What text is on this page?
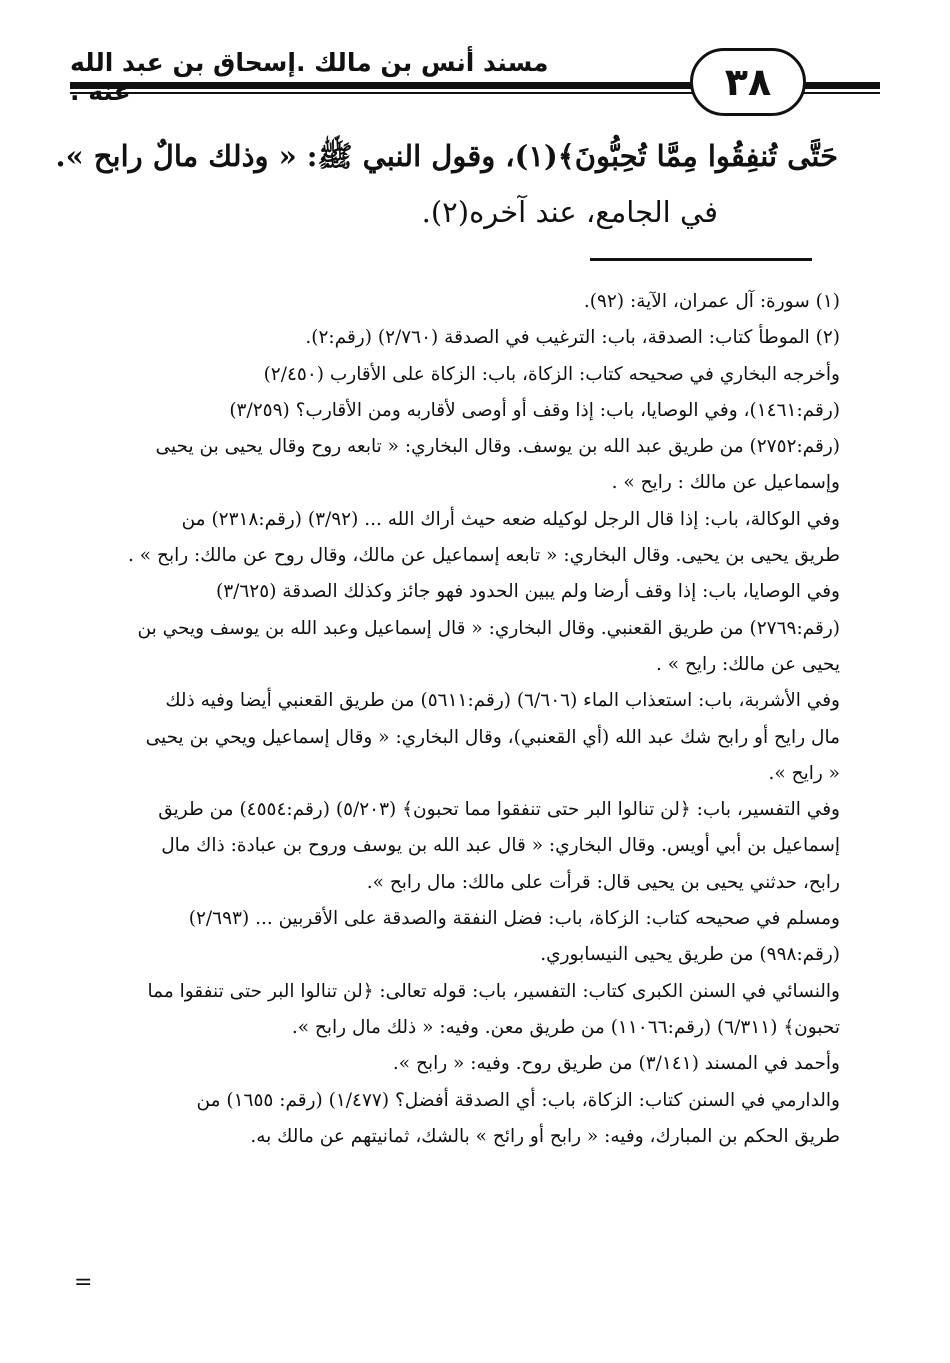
مسند أنس بن مالك .إسحاق بن عبد الله عنه .	٣٨
حَتَّى تُنفِقُوا مِمَّا تُحِبُّونَ﴾(١)، وقول النبي ﷺ: « وذلك مالٌ رابح ».
في الجامع، عند آخره(٢).
(١) سورة: آل عمران، الآية: (٩٢).
(٢) الموطأ كتاب: الصدقة، باب: الترغيب في الصدقة (٢/٧٦٠) (رقم:٢).
وأخرجه البخاري في صحيحه كتاب: الزكاة، باب: الزكاة على الأقارب (٢/٤٥٠)
(رقم:١٤٦١)، وفي الوصايا، باب: إذا وقف أو أوصى لأقاربه ومن الأقارب؟ (٣/٢٥٩)
(رقم:٢٧٥٢) من طريق عبد الله بن يوسف. وقال البخاري: « تابعه روح وقال يحيى بن يحيى
وإسماعيل عن مالك : رايح » .
وفي الوكالة، باب: إذا قال الرجل لوكيله ضعه حيث أراك الله ... (٣/٩٢) (رقم:٢٣١٨) من
طريق يحيى بن يحيى. وقال البخاري: « تابعه إسماعيل عن مالك، وقال روح عن مالك: رابح » .
وفي الوصايا، باب: إذا وقف أرضا ولم يبين الحدود فهو جائز وكذلك الصدقة (٣/٦٢٥)
(رقم:٢٧٦٩) من طريق القعنبي. وقال البخاري: « قال إسماعيل وعبد الله بن يوسف ويحي بن
يحيى عن مالك: رايح » .
وفي الأشربة، باب: استعذاب الماء (٦/٦٠٦) (رقم:٥٦١١) من طريق القعنبي أيضا وفيه ذلك
مال رايح أو رابح شك عبد الله (أي القعنبي)، وقال البخاري: « وقال إسماعيل ويحي بن يحيى
« رايح ».
وفي التفسير، باب: ﴿لن تنالوا البر حتى تنفقوا مما تحبون﴾ (٥/٢٠٣) (رقم:٤٥٥٤) من طريق
إسماعيل بن أبي أويس. وقال البخاري: « قال عبد الله بن يوسف وروح بن عبادة: ذاك مال
رابح، حدثني يحيى بن يحيى قال: قرأت على مالك: مال رابح ».
ومسلم في صحيحه كتاب: الزكاة، باب: فضل النفقة والصدقة على الأقربين ... (٢/٦٩٣)
(رقم:٩٩٨) من طريق يحيى النيسابوري.
والنسائي في السنن الكبرى كتاب: التفسير، باب: قوله تعالى: ﴿لن تنالوا البر حتى تنفقوا مما
تحبون﴾ (٦/٣١١) (رقم:١١٠٦٦) من طريق معن. وفيه: « ذلك مال رابح ».
وأحمد في المسند (٣/١٤١) من طريق روح. وفيه: « رابح ».
والدارمي في السنن كتاب: الزكاة، باب: أي الصدقة أفضل؟ (١/٤٧٧) (رقم: ١٦٥٥) من
طريق الحكم بن المبارك، وفيه: « رابح أو رائح » بالشك، ثمانيتهم عن مالك به.
=
